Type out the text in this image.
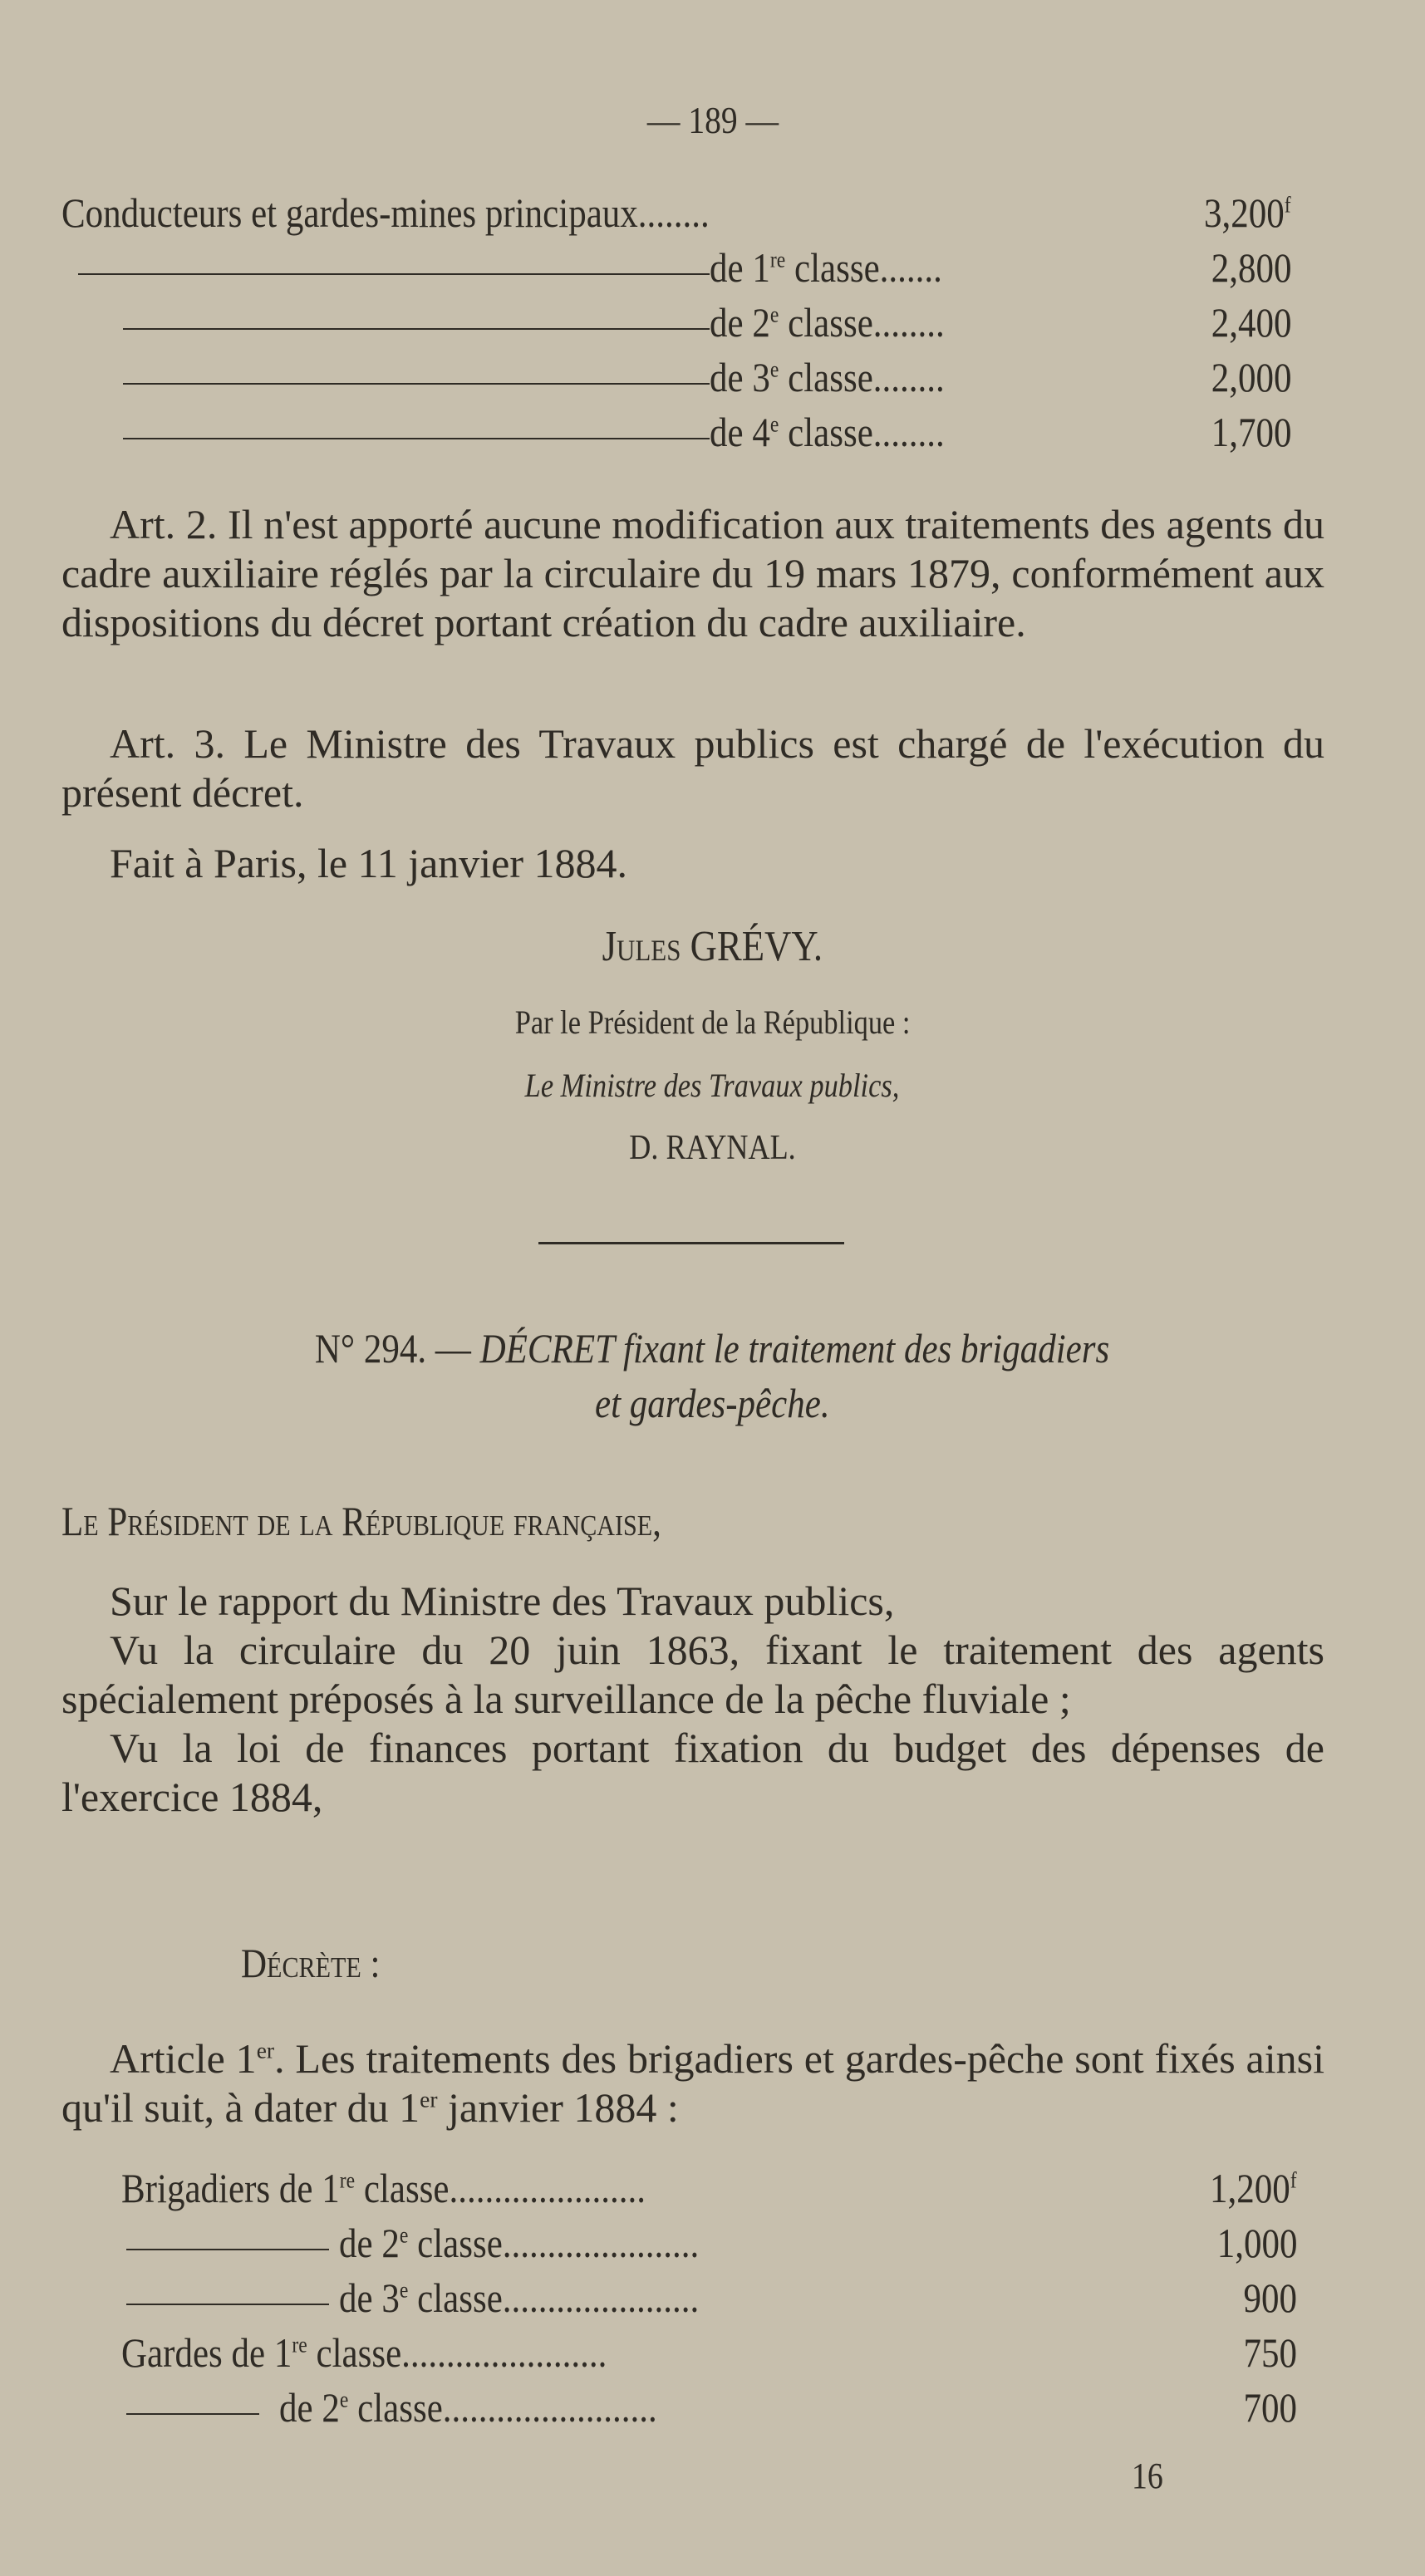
— 189 —
Conducteurs et gardes-mines principaux........	3,200$^f$
de 1re classe.......	2,800
de 2e classe........	2,400
de 3e classe........	2,000
de 4e classe........	1,700

Art. 2. Il n'est apporté aucune modification aux traitements des agents du cadre auxiliaire réglés par la circulaire du 19 mars 1879, conformément aux dispositions du décret portant création du cadre auxiliaire.

Art. 3. Le Ministre des Travaux publics est chargé de l'exécution du présent décret.

Fait à Paris, le 11 janvier 1884.

Jules GRÉVY.
Par le Président de la République :
Le Ministre des Travaux publics,
D. RAYNAL.
N° 294. — DÉCRET fixant le traitement des brigadiers
et gardes-pêche.

Le Président de la République française,

Sur le rapport du Ministre des Travaux publics,

Vu la circulaire du 20 juin 1863, fixant le traitement des agents spécialement préposés à la surveillance de la pêche fluviale ;

Vu la loi de finances portant fixation du budget des dépenses de l'exercice 1884,

Décrète :

Article 1er. Les traitements des brigadiers et gardes-pêche sont fixés ainsi qu'il suit, à dater du 1er janvier 1884 :

Brigadiers de 1re classe......................	1,200$^f$
de 2e classe......................	1,000
de 3e classe......................	900
Gardes de 1re classe.......................	750
de 2e classe........................	700
16
